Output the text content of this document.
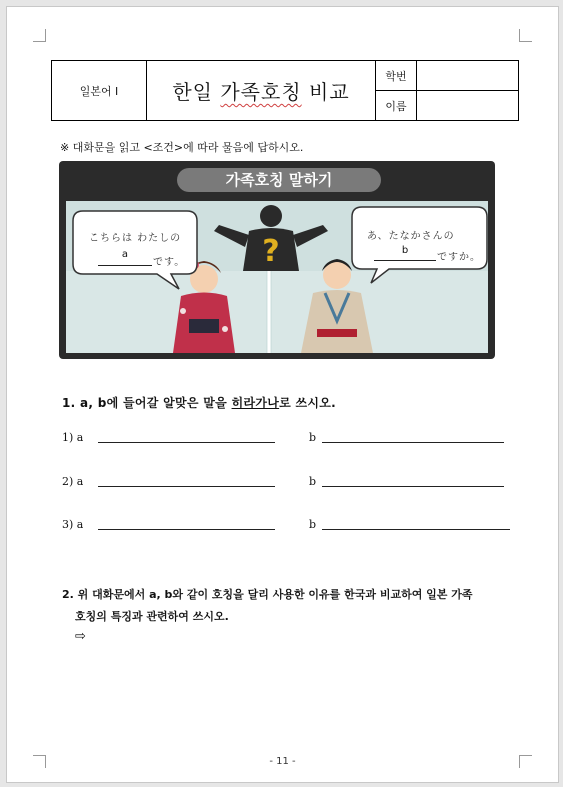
일본어 I	한일 가족호칭 비교	학번	
		이름	
※ 대화문을 읽고 <조건>에 따라 물음에 답하시오.
?
가족호칭 말하기
こちらは わたしの
a
です。
あ、たなかさんの
b
ですか。
1. a, b에 들어갈 알맞은 말을 히라가나로 쓰시오.
1) a	b
2) a	b
3) a	b
2. 위 대화문에서 a, b와 같이 호칭을 달리 사용한 이유를 한국과 비교하여 일본 가족
호칭의 특징과 관련하여 쓰시오.
⇨
- 11 -
